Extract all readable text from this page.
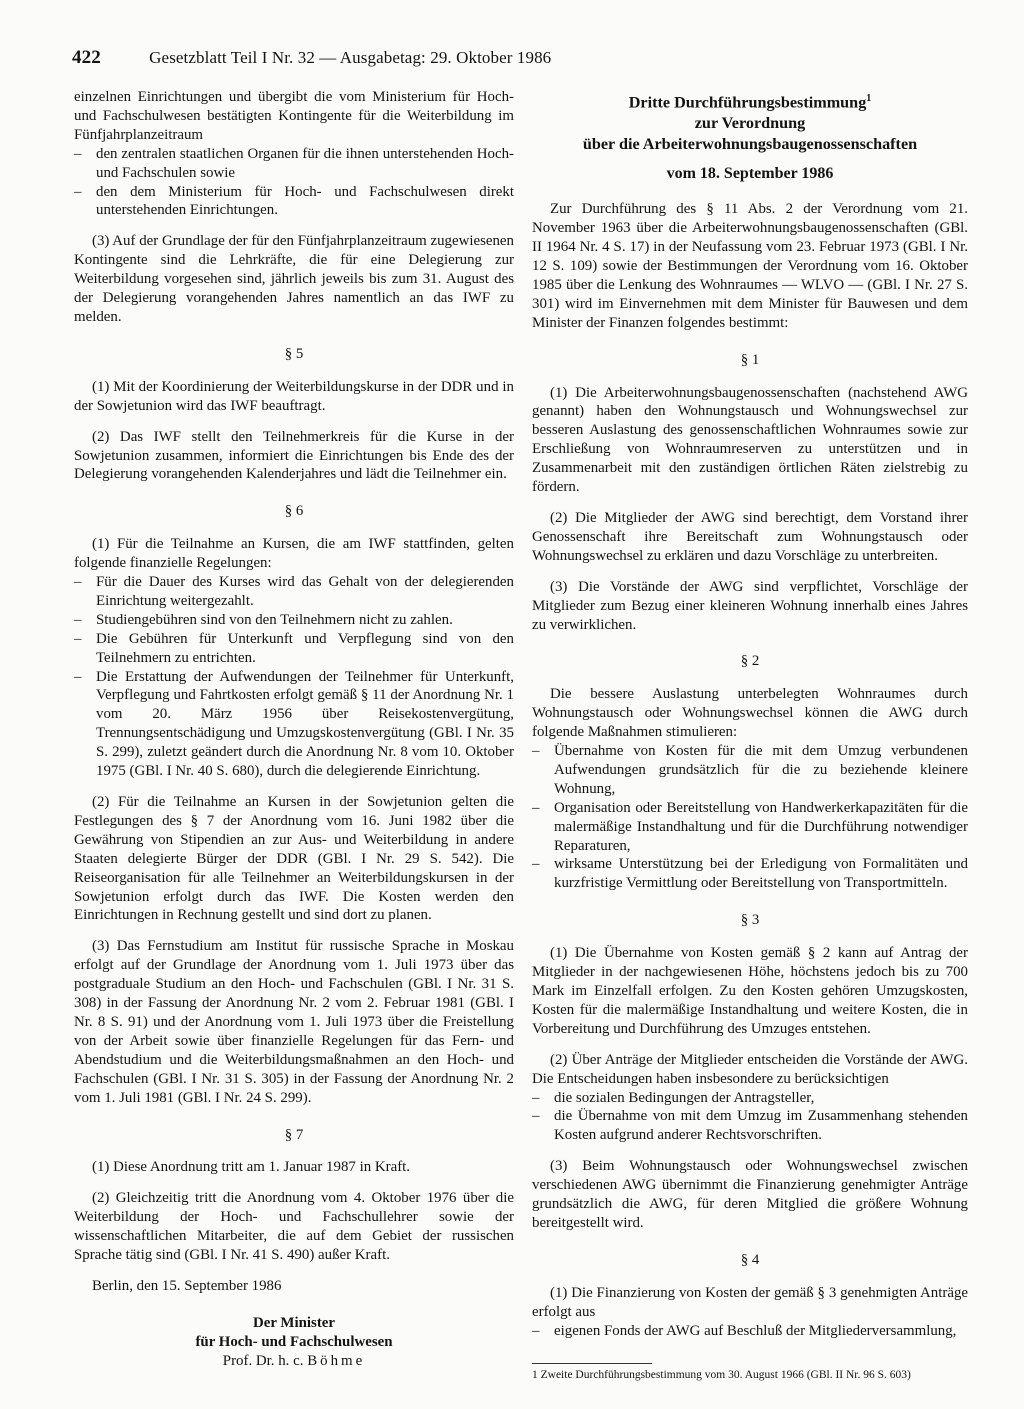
422	Gesetzblatt Teil I Nr. 32 — Ausgabetag: 29. Oktober 1986

einzelnen Einrichtungen und übergibt die vom Ministerium für Hoch- und Fachschulwesen bestätigten Kontingente für die Weiterbildung im Fünfjahrplanzeitraum

– den zentralen staatlichen Organen für die ihnen unterstehenden Hoch- und Fachschulen sowie
– den dem Ministerium für Hoch- und Fachschulwesen direkt unterstehenden Einrichtungen.

(3) Auf der Grundlage der für den Fünfjahrplanzeitraum zugewiesenen Kontingente sind die Lehrkräfte, die für eine Delegierung zur Weiterbildung vorgesehen sind, jährlich jeweils bis zum 31. August des der Delegierung vorangehenden Jahres namentlich an das IWF zu melden.

§ 5

(1) Mit der Koordinierung der Weiterbildungskurse in der DDR und in der Sowjetunion wird das IWF beauftragt.

(2) Das IWF stellt den Teilnehmerkreis für die Kurse in der Sowjetunion zusammen, informiert die Einrichtungen bis Ende des der Delegierung vorangehenden Kalenderjahres und lädt die Teilnehmer ein.

§ 6

(1) Für die Teilnahme an Kursen, die am IWF stattfinden, gelten folgende finanzielle Regelungen:

– Für die Dauer des Kurses wird das Gehalt von der delegierenden Einrichtung weitergezahlt.
– Studiengebühren sind von den Teilnehmern nicht zu zahlen.
– Die Gebühren für Unterkunft und Verpflegung sind von den Teilnehmern zu entrichten.
– Die Erstattung der Aufwendungen der Teilnehmer für Unterkunft, Verpflegung und Fahrtkosten erfolgt gemäß § 11 der Anordnung Nr. 1 vom 20. März 1956 über Reisekostenvergütung, Trennungsentschädigung und Umzugskostenvergütung (GBl. I Nr. 35 S. 299), zuletzt geändert durch die Anordnung Nr. 8 vom 10. Oktober 1975 (GBl. I Nr. 40 S. 680), durch die delegierende Einrichtung.

(2) Für die Teilnahme an Kursen in der Sowjetunion gelten die Festlegungen des § 7 der Anordnung vom 16. Juni 1982 über die Gewährung von Stipendien an zur Aus- und Weiterbildung in andere Staaten delegierte Bürger der DDR (GBl. I Nr. 29 S. 542). Die Reiseorganisation für alle Teilnehmer an Weiterbildungskursen in der Sowjetunion erfolgt durch das IWF. Die Kosten werden den Einrichtungen in Rechnung gestellt und sind dort zu planen.

(3) Das Fernstudium am Institut für russische Sprache in Moskau erfolgt auf der Grundlage der Anordnung vom 1. Juli 1973 über das postgraduale Studium an den Hoch- und Fachschulen (GBl. I Nr. 31 S. 308) in der Fassung der Anordnung Nr. 2 vom 2. Februar 1981 (GBl. I Nr. 8 S. 91) und der Anordnung vom 1. Juli 1973 über die Freistellung von der Arbeit sowie über finanzielle Regelungen für das Fern- und Abendstudium und die Weiterbildungsmaßnahmen an den Hoch- und Fachschulen (GBl. I Nr. 31 S. 305) in der Fassung der Anordnung Nr. 2 vom 1. Juli 1981 (GBl. I Nr. 24 S. 299).

§ 7

(1) Diese Anordnung tritt am 1. Januar 1987 in Kraft.

(2) Gleichzeitig tritt die Anordnung vom 4. Oktober 1976 über die Weiterbildung der Hoch- und Fachschullehrer sowie der wissenschaftlichen Mitarbeiter, die auf dem Gebiet der russischen Sprache tätig sind (GBl. I Nr. 41 S. 490) außer Kraft.

Berlin, den 15. September 1986
Der Minister
für Hoch- und Fachschulwesen
Prof. Dr. h. c. Böhme
Dritte Durchführungsbestimmung$^1$
zur Verordnung
über die Arbeiterwohnungsbaugenossenschaften
vom 18. September 1986

Zur Durchführung des § 11 Abs. 2 der Verordnung vom 21. November 1963 über die Arbeiterwohnungsbaugenossenschaften (GBl. II 1964 Nr. 4 S. 17) in der Neufassung vom 23. Februar 1973 (GBl. I Nr. 12 S. 109) sowie der Bestimmungen der Verordnung vom 16. Oktober 1985 über die Lenkung des Wohnraumes — WLVO — (GBl. I Nr. 27 S. 301) wird im Einvernehmen mit dem Minister für Bauwesen und dem Minister der Finanzen folgendes bestimmt:

§ 1

(1) Die Arbeiterwohnungsbaugenossenschaften (nachstehend AWG genannt) haben den Wohnungstausch und Wohnungswechsel zur besseren Auslastung des genossenschaftlichen Wohnraumes sowie zur Erschließung von Wohnraumreserven zu unterstützen und in Zusammenarbeit mit den zuständigen örtlichen Räten zielstrebig zu fördern.

(2) Die Mitglieder der AWG sind berechtigt, dem Vorstand ihrer Genossenschaft ihre Bereitschaft zum Wohnungstausch oder Wohnungswechsel zu erklären und dazu Vorschläge zu unterbreiten.

(3) Die Vorstände der AWG sind verpflichtet, Vorschläge der Mitglieder zum Bezug einer kleineren Wohnung innerhalb eines Jahres zu verwirklichen.

§ 2

Die bessere Auslastung unterbelegten Wohnraumes durch Wohnungstausch oder Wohnungswechsel können die AWG durch folgende Maßnahmen stimulieren:

– Übernahme von Kosten für die mit dem Umzug verbundenen Aufwendungen grundsätzlich für die zu beziehende kleinere Wohnung,
– Organisation oder Bereitstellung von Handwerkerkapazitäten für die malermäßige Instandhaltung und für die Durchführung notwendiger Reparaturen,
– wirksame Unterstützung bei der Erledigung von Formalitäten und kurzfristige Vermittlung oder Bereitstellung von Transportmitteln.
§ 3

(1) Die Übernahme von Kosten gemäß § 2 kann auf Antrag der Mitglieder in der nachgewiesenen Höhe, höchstens jedoch bis zu 700 Mark im Einzelfall erfolgen. Zu den Kosten gehören Umzugskosten, Kosten für die malermäßige Instandhaltung und weitere Kosten, die in Vorbereitung und Durchführung des Umzuges entstehen.

(2) Über Anträge der Mitglieder entscheiden die Vorstände der AWG. Die Entscheidungen haben insbesondere zu berücksichtigen

– die sozialen Bedingungen der Antragsteller,
– die Übernahme von mit dem Umzug im Zusammenhang stehenden Kosten aufgrund anderer Rechtsvorschriften.

(3) Beim Wohnungstausch oder Wohnungswechsel zwischen verschiedenen AWG übernimmt die Finanzierung genehmigter Anträge grundsätzlich die AWG, für deren Mitglied die größere Wohnung bereitgestellt wird.

§ 4

(1) Die Finanzierung von Kosten der gemäß § 3 genehmigten Anträge erfolgt aus

– eigenen Fonds der AWG auf Beschluß der Mitgliederversammlung,
1 Zweite Durchführungsbestimmung vom 30. August 1966 (GBl. II Nr. 96 S. 603)
